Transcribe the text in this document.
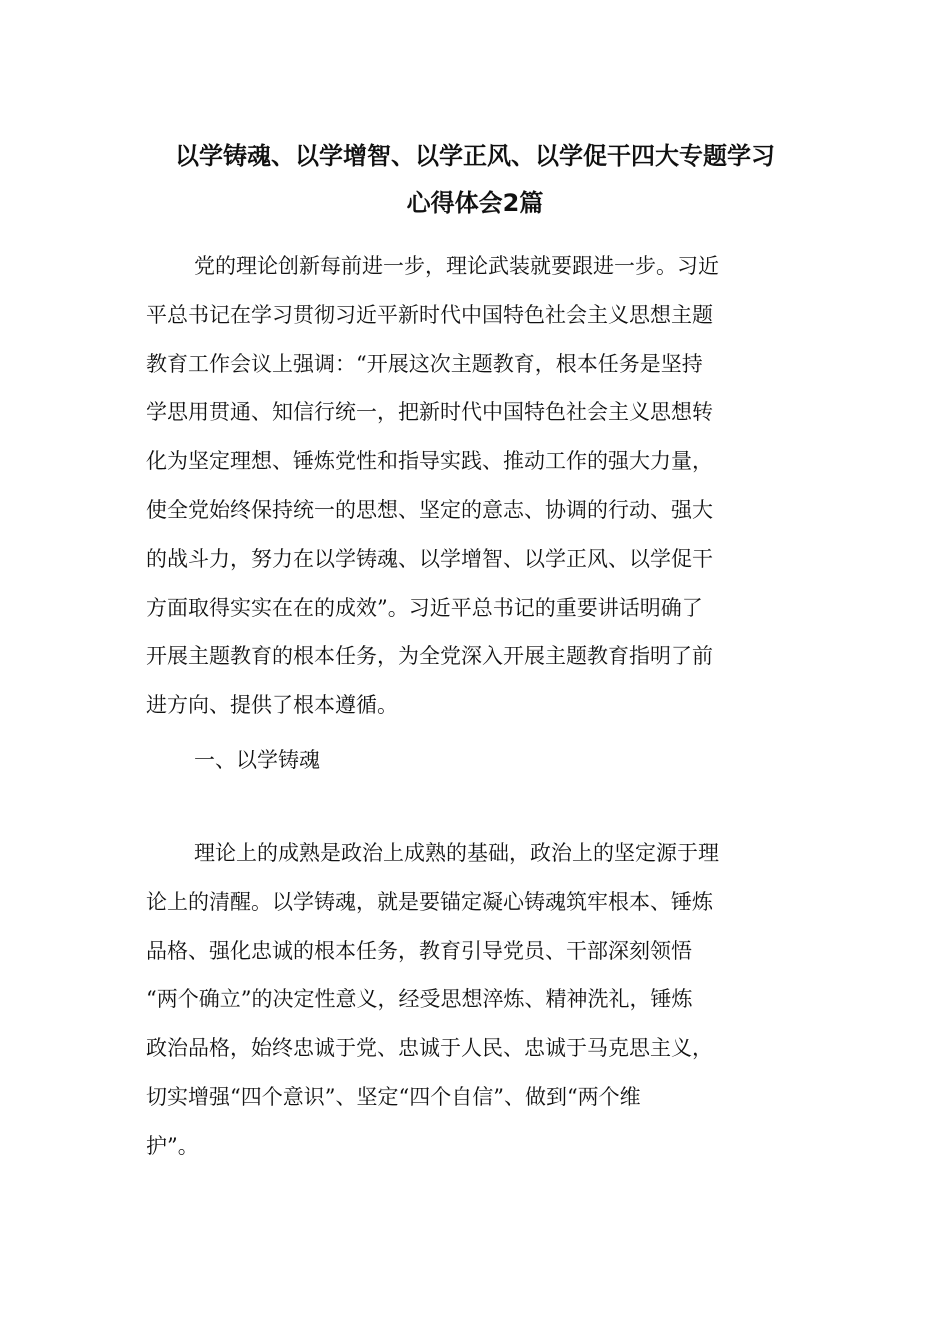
以学铸魂、以学增智、以学正风、以学促干四大专题学习
心得体会2篇
党的理论创新每前进一步，理论武装就要跟进一步。习近
平总书记在学习贯彻习近平新时代中国特色社会主义思想主题
教育工作会议上强调：“开展这次主题教育，根本任务是坚持
学思用贯通、知信行统一，把新时代中国特色社会主义思想转
化为坚定理想、锤炼党性和指导实践、推动工作的强大力量，
使全党始终保持统一的思想、坚定的意志、协调的行动、强大
的战斗力，努力在以学铸魂、以学增智、以学正风、以学促干
方面取得实实在在的成效”。习近平总书记的重要讲话明确了
开展主题教育的根本任务，为全党深入开展主题教育指明了前
进方向、提供了根本遵循。
一、以学铸魂
理论上的成熟是政治上成熟的基础，政治上的坚定源于理
论上的清醒。以学铸魂，就是要锚定凝心铸魂筑牢根本、锤炼
品格、强化忠诚的根本任务，教育引导党员、干部深刻领悟
“两个确立”的决定性意义，经受思想淬炼、精神洗礼，锤炼
政治品格，始终忠诚于党、忠诚于人民、忠诚于马克思主义，
切实增强“四个意识”、坚定“四个自信”、做到“两个维
护”。
